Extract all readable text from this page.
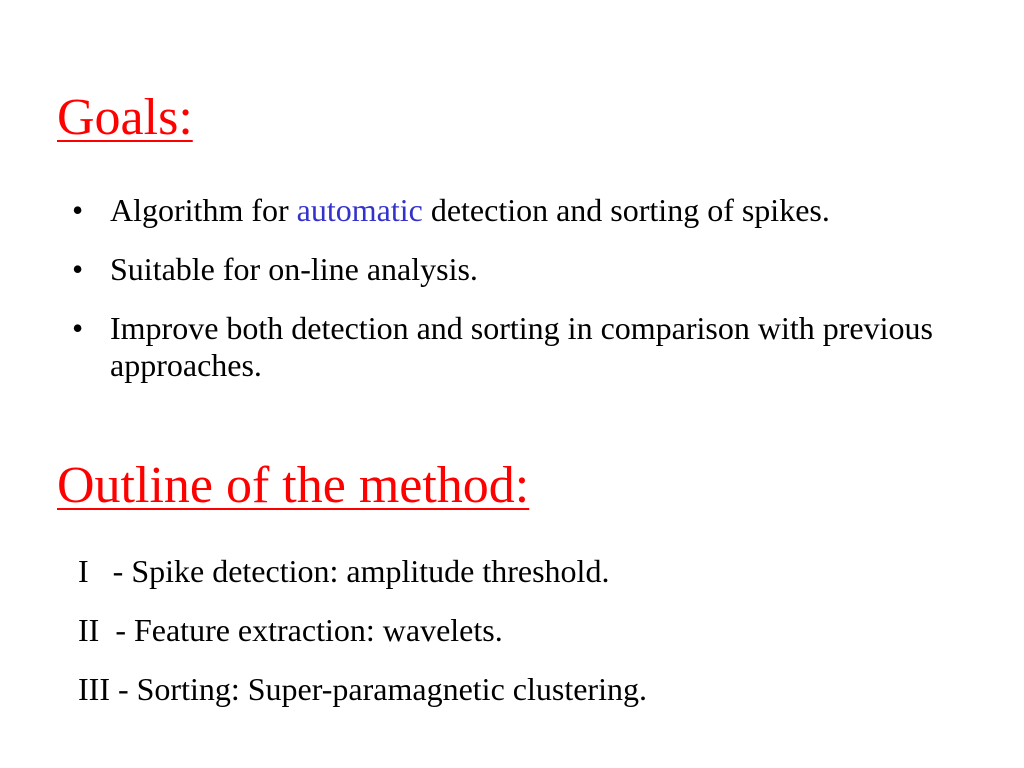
Goals:
• Algorithm for automatic detection and sorting of spikes.
• Suitable for on-line analysis.
• Improve both detection and sorting in comparison with previous approaches.
Outline of the method:
I   - Spike detection: amplitude threshold.
II  - Feature extraction: wavelets.
III - Sorting: Super-paramagnetic clustering.
